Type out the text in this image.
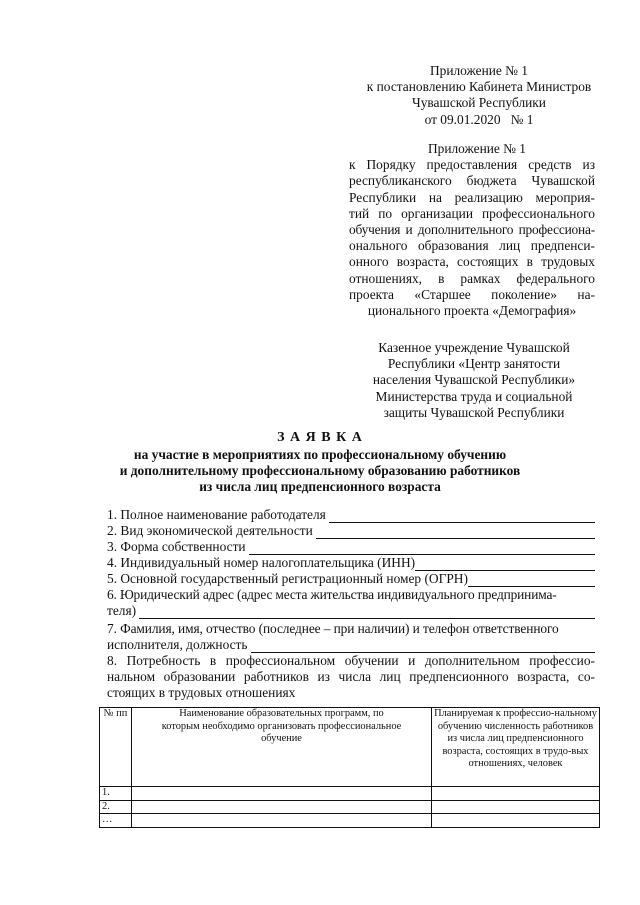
Приложение № 1
к постановлению Кабинета Министров
Чувашской Республики
от 09.01.2020   № 1
Приложение № 1
к Порядку предоставления средств из
республиканского бюджета Чувашской
Республики на реализацию мероприя-
тий по организации профессионального
обучения и дополнительного профессиона-
онального образования лиц предпенси-
онного возраста, состоящих в трудовых
отношениях, в рамках федерального
проекта «Старшее поколение» на-
ционального проекта «Демография»
Казенное учреждение Чувашской
Республики «Центр занятости
населения Чувашской Республики»
Министерства труда и социальной
защиты Чувашской Республики
З А Я В К А
на участие в мероприятиях по профессиональному обучению
и дополнительному профессиональному образованию работников
из числа лиц предпенсионного возраста
1. Полное наименование работодателя
2. Вид экономической деятельности
3. Форма собственности
4. Индивидуальный номер налогоплательщика (ИНН)
5. Основной государственный регистрационный номер (ОГРН)
6. Юридический адрес (адрес места жительства индивидуального предпринима-
теля)
7. Фамилия, имя, отчество (последнее – при наличии) и телефон ответственного
исполнителя, должность
8. Потребность в профессиональном обучении и дополнительном профессио-нальном образовании работников из числа лиц предпенсионного возраста, со-стоящих в трудовых отношениях
№ пп	Наименование образовательных программ, по которым необходимо организовать профессиональное обучение	Планируемая к профессио-нальному обучению численность работников из числа лиц предпенсионного возраста, состоящих в трудо-вых отношениях, человек
1.		
2.		
…		
